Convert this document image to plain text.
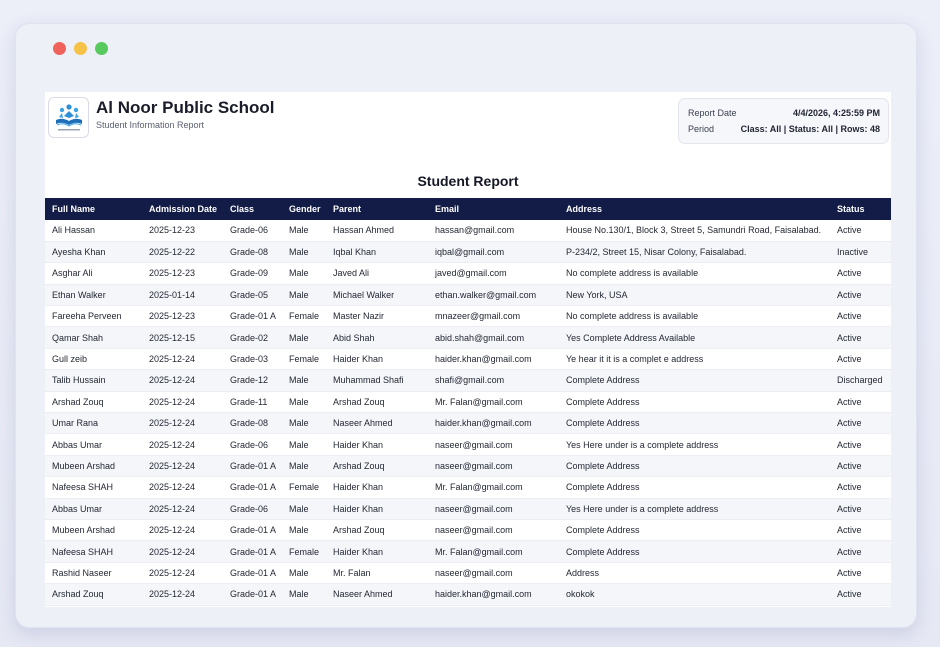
Al Noor Public School
Student Information Report
Report Date	4/4/2026, 4:25:59 PM
Period	Class: All | Status: All | Rows: 48
Student Report
Full Name	Admission Date	Class	Gender	Parent	Email	Address	Status
Ali Hassan	2025-12-23	Grade-06	Male	Hassan Ahmed	hassan@gmail.com	House No.130/1, Block 3, Street 5, Samundri Road, Faisalabad.	Active
Ayesha Khan	2025-12-22	Grade-08	Male	Iqbal Khan	iqbal@gmail.com	P-234/2, Street 15, Nisar Colony, Faisalabad.	Inactive
Asghar Ali	2025-12-23	Grade-09	Male	Javed Ali	javed@gmail.com	No complete address is available	Active
Ethan Walker	2025-01-14	Grade-05	Male	Michael Walker	ethan.walker@gmail.com	New York, USA	Active
Fareeha Perveen	2025-12-23	Grade-01 A	Female	Master Nazir	mnazeer@gmail.com	No complete address is available	Active
Qamar Shah	2025-12-15	Grade-02	Male	Abid Shah	abid.shah@gmail.com	Yes Complete Address Available	Active
Gull zeib	2025-12-24	Grade-03	Female	Haider Khan	haider.khan@gmail.com	Ye hear it it is a complet e address	Active
Talib Hussain	2025-12-24	Grade-12	Male	Muhammad Shafi	shafi@gmail.com	Complete Address	Discharged
Arshad Zouq	2025-12-24	Grade-11	Male	Arshad Zouq	Mr. Falan@gmail.com	Complete Address	Active
Umar Rana	2025-12-24	Grade-08	Male	Naseer Ahmed	haider.khan@gmail.com	Complete Address	Active
Abbas Umar	2025-12-24	Grade-06	Male	Haider Khan	naseer@gmail.com	Yes Here under is a complete address	Active
Mubeen Arshad	2025-12-24	Grade-01 A	Male	Arshad Zouq	naseer@gmail.com	Complete Address	Active
Nafeesa SHAH	2025-12-24	Grade-01 A	Female	Haider Khan	Mr. Falan@gmail.com	Complete Address	Active
Abbas Umar	2025-12-24	Grade-06	Male	Haider Khan	naseer@gmail.com	Yes Here under is a complete address	Active
Mubeen Arshad	2025-12-24	Grade-01 A	Male	Arshad Zouq	naseer@gmail.com	Complete Address	Active
Nafeesa SHAH	2025-12-24	Grade-01 A	Female	Haider Khan	Mr. Falan@gmail.com	Complete Address	Active
Rashid Naseer	2025-12-24	Grade-01 A	Male	Mr. Falan	naseer@gmail.com	Address	Active
Arshad Zouq	2025-12-24	Grade-01 A	Male	Naseer Ahmed	haider.khan@gmail.com	okokok	Active
